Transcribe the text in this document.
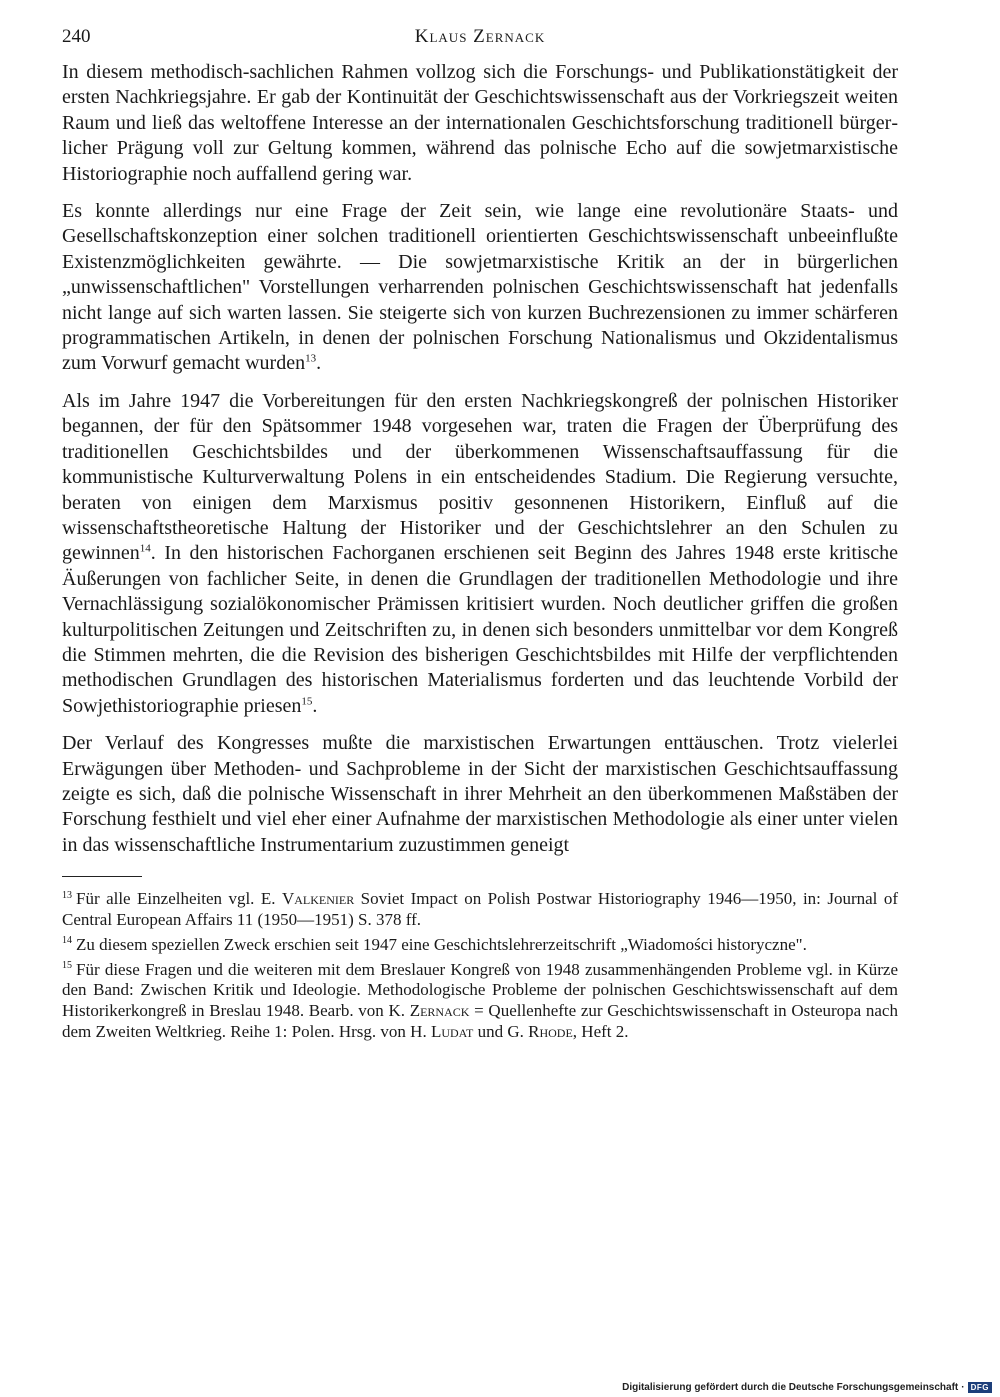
240	Klaus Zernack

In diesem methodisch-sachlichen Rahmen vollzog sich die Forschungs- und Publikationstätigkeit der ersten Nachkriegsjahre. Er gab der Kontinuität der Geschichtswissenschaft aus der Vorkriegszeit weiten Raum und ließ das weltoffene Interesse an der internationalen Geschichtsforschung traditionell bürgerlicher Prägung voll zur Geltung kommen, während das polnische Echo auf die sowjetmarxistische Historiographie noch auffallend gering war.

Es konnte allerdings nur eine Frage der Zeit sein, wie lange eine revolutionäre Staats- und Gesellschaftskonzeption einer solchen traditionell orientierten Geschichtswissenschaft unbeeinflußte Existenzmöglichkeiten gewährte. — Die sowjetmarxistische Kritik an der in bürgerlichen „unwissenschaftlichen" Vorstellungen verharrenden polnischen Geschichtswissenschaft hat jedenfalls nicht lange auf sich warten lassen. Sie steigerte sich von kurzen Buchrezensionen zu immer schärferen programmatischen Artikeln, in denen der polnischen Forschung Nationalismus und Okzidentalismus zum Vorwurf gemacht wurden$^{13}$.

Als im Jahre 1947 die Vorbereitungen für den ersten Nachkriegskongreß der polnischen Historiker begannen, der für den Spätsommer 1948 vorgesehen war, traten die Fragen der Überprüfung des traditionellen Geschichtsbildes und der überkommenen Wissenschaftsauffassung für die kommunistische Kulturverwaltung Polens in ein entscheidendes Stadium. Die Regierung versuchte, beraten von einigen dem Marxismus positiv gesonnenen Historikern, Einfluß auf die wissenschaftstheoretische Haltung der Historiker und der Geschichtslehrer an den Schulen zu gewinnen$^{14}$. In den historischen Fachorganen erschienen seit Beginn des Jahres 1948 erste kritische Äußerungen von fachlicher Seite, in denen die Grundlagen der traditionellen Methodologie und ihre Vernachlässigung sozialökonomischer Prämissen kritisiert wurden. Noch deutlicher griffen die großen kulturpolitischen Zeitungen und Zeitschriften zu, in denen sich besonders unmittelbar vor dem Kongreß die Stimmen mehrten, die die Revision des bisherigen Geschichtsbildes mit Hilfe der verpflichtenden methodischen Grundlagen des historischen Materialismus forderten und das leuchtende Vorbild der Sowjethistoriographie priesen$^{15}$.

Der Verlauf des Kongresses mußte die marxistischen Erwartungen enttäuschen. Trotz vielerlei Erwägungen über Methoden- und Sachprobleme in der Sicht der marxistischen Geschichtsauffassung zeigte es sich, daß die polnische Wissenschaft in ihrer Mehrheit an den überkommenen Maßstäben der Forschung festhielt und viel eher einer Aufnahme der marxistischen Methodologie als einer unter vielen in das wissenschaftliche Instrumentarium zuzustimmen geneigt

$^{13}$ Für alle Einzelheiten vgl. E. Valkenier Soviet Impact on Polish Postwar Historiography 1946—1950, in: Journal of Central European Affairs 11 (1950—1951) S. 378 ff.

$^{14}$ Zu diesem speziellen Zweck erschien seit 1947 eine Geschichtslehrerzeitschrift „Wiadomości historyczne".

$^{15}$ Für diese Fragen und die weiteren mit dem Breslauer Kongreß von 1948 zusammenhängenden Probleme vgl. in Kürze den Band: Zwischen Kritik und Ideologie. Methodologische Probleme der polnischen Geschichtswissenschaft auf dem Historikerkongreß in Breslau 1948. Bearb. von K. Zernack = Quellenhefte zur Geschichtswissenschaft in Osteuropa nach dem Zweiten Weltkrieg. Reihe 1: Polen. Hrsg. von H. Ludat und G. Rhode, Heft 2.

Digitalisierung gefördert durch die Deutsche Forschungsgemeinschaft · DFG
